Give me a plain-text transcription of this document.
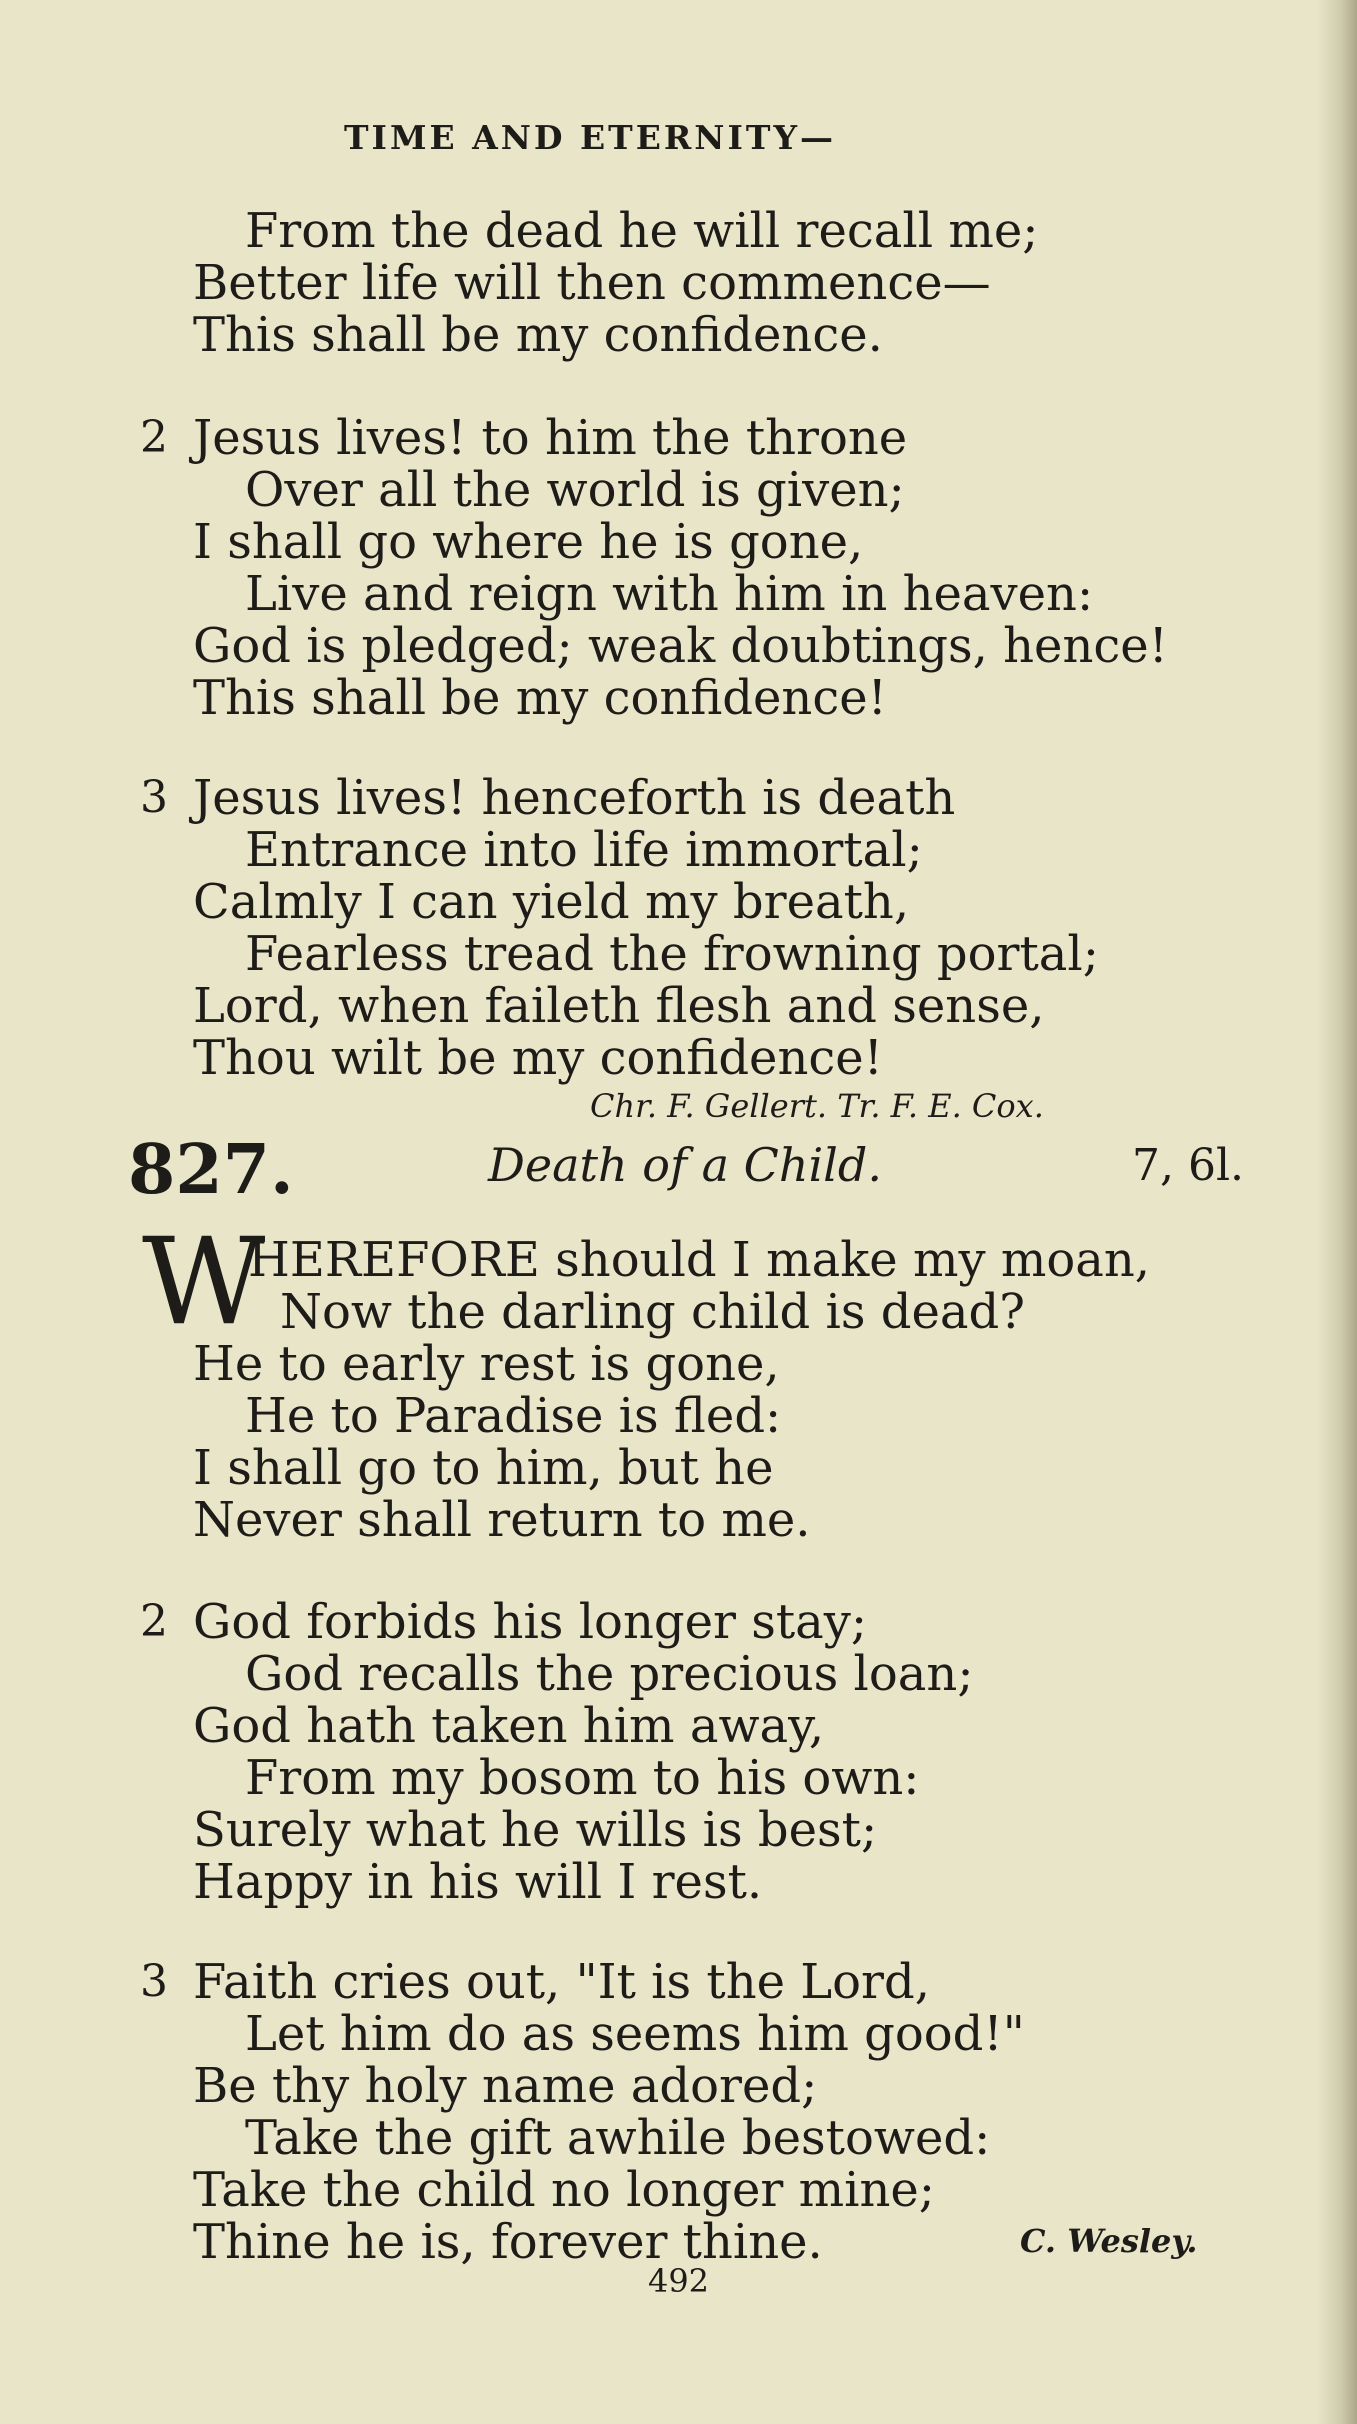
TIME AND ETERNITY—
From the dead he will recall me;
Better life will then commence—
This shall be my confidence.
2 Jesus lives! to him the throne
Over all the world is given;
I shall go where he is gone,
Live and reign with him in heaven:
God is pledged; weak doubtings, hence!
This shall be my confidence!
3 Jesus lives! henceforth is death
Entrance into life immortal;
Calmly I can yield my breath,
Fearless tread the frowning portal;
Lord, when faileth flesh and sense,
Thou wilt be my confidence!
Chr. F. Gellert. Tr. F. E. Cox.
827.	Death of a Child.	7, 6l.
W
HEREFORE should I make my moan,
Now the darling child is dead?
He to early rest is gone,
He to Paradise is fled:
I shall go to him, but he
Never shall return to me.
2 God forbids his longer stay;
God recalls the precious loan;
God hath taken him away,
From my bosom to his own:
Surely what he wills is best;
Happy in his will I rest.
3 Faith cries out, "It is the Lord,
Let him do as seems him good!"
Be thy holy name adored;
Take the gift awhile bestowed:
Take the child no longer mine;
Thine he is, forever thine.	C. Wesley.
492
